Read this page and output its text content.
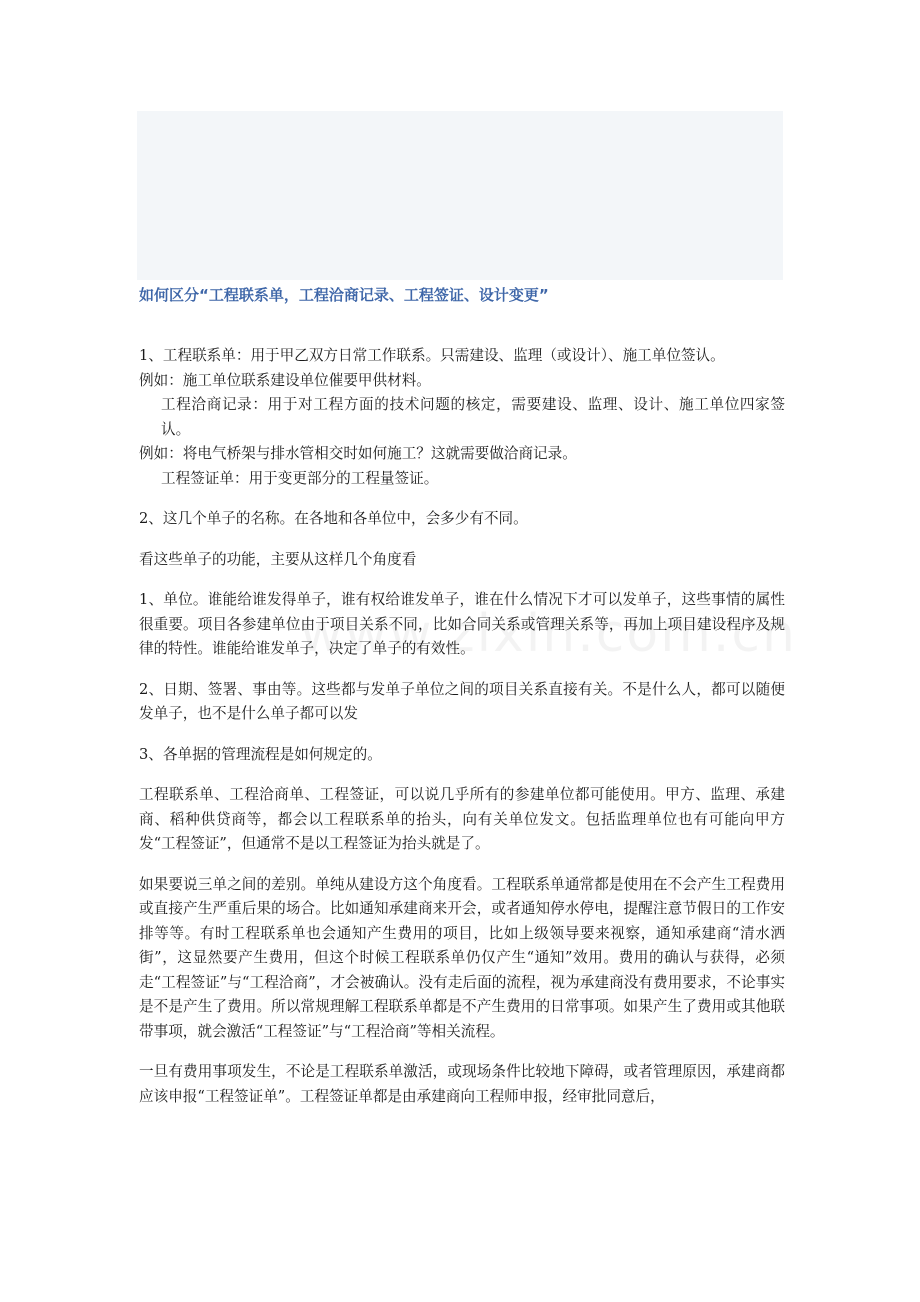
如何区分“工程联系单，工程洽商记录、工程签证、设计变更”

1、工程联系单：用于甲乙双方日常工作联系。只需建设、监理（或设计）、施工单位签认。

例如：施工单位联系建设单位催要甲供材料。

工程洽商记录：用于对工程方面的技术问题的核定，需要建设、监理、设计、施工单位四家签认。

例如：将电气桥架与排水管相交时如何施工？这就需要做洽商记录。

工程签证单：用于变更部分的工程量签证。

2、这几个单子的名称。在各地和各单位中，会多少有不同。

看这些单子的功能，主要从这样几个角度看

1、单位。谁能给谁发得单子，谁有权给谁发单子，谁在什么情况下才可以发单子，这些事情的属性很重要。项目各参建单位由于项目关系不同，比如合同关系或管理关系等，再加上项目建设程序及规律的特性。谁能给谁发单子，决定了单子的有效性。

2、日期、签署、事由等。这些都与发单子单位之间的项目关系直接有关。不是什么人，都可以随便发单子，也不是什么单子都可以发

3、各单据的管理流程是如何规定的。

工程联系单、工程洽商单、工程签证，可以说几乎所有的参建单位都可能使用。甲方、监理、承建商、稻种供贷商等，都会以工程联系单的抬头，向有关单位发文。包括监理单位也有可能向甲方发“工程签证”，但通常不是以工程签证为抬头就是了。

如果要说三单之间的差别。单纯从建设方这个角度看。工程联系单通常都是使用在不会产生工程费用或直接产生严重后果的场合。比如通知承建商来开会，或者通知停水停电，提醒注意节假日的工作安排等等。有时工程联系单也会通知产生费用的项目，比如上级领导要来视察，通知承建商“清水洒街”，这显然要产生费用，但这个时候工程联系单仍仅产生“通知”效用。费用的确认与获得，必须走“工程签证”与“工程洽商”，才会被确认。没有走后面的流程，视为承建商没有费用要求，不论事实是不是产生了费用。所以常规理解工程联系单都是不产生费用的日常事项。如果产生了费用或其他联带事项，就会激活“工程签证”与“工程洽商”等相关流程。

一旦有费用事项发生，不论是工程联系单激活，或现场条件比较地下障碍，或者管理原因，承建商都应该申报“工程签证单”。工程签证单都是由承建商向工程师申报，经审批同意后，
